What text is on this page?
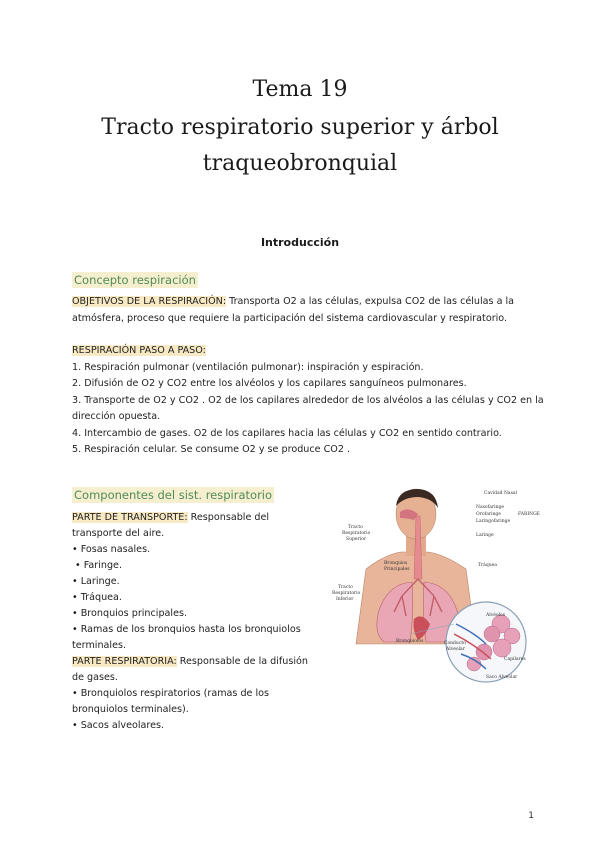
Tema 19
Tracto respiratorio superior y árbol
traqueobronquial
Introducción
Concepto respiración
OBJETIVOS DE LA RESPIRACIÓN: Transporta O2 a las células, expulsa CO2 de las células a la
atmósfera, proceso que requiere la participación del sistema cardiovascular y respiratorio.
RESPIRACIÓN PASO A PASO:
1. Respiración pulmonar (ventilación pulmonar): inspiración y espiración.
2. Difusión de O2 y CO2 entre los alvéolos y los capilares sanguíneos pulmonares.
3. Transporte de O2 y CO2 . O2 de los capilares alrededor de los alvéolos a las células y CO2 en la
dirección opuesta.
4. Intercambio de gases. O2 de los capilares hacia las células y CO2 en sentido contrario.
5. Respiración celular. Se consume O2 y se produce CO2 .
Componentes del sist. respiratorio
PARTE DE TRANSPORTE: Responsable del
transporte del aire.
• Fosas nasales.
• Faringe.
• Laringe.
• Tráquea.
• Bronquios principales.
• Ramas de los bronquios hasta los bronquiolos
terminales.
PARTE RESPIRATORIA: Responsable de la difusión
de gases.
• Bronquiolos respiratorios (ramas de los
bronquiolos terminales).
• Sacos alveolares.
Cavidad Nasal
Nasofaringe
Orofaringe
Laringofaringe
FARINGE
Laringe
Tráquea
Tracto
Respiratorio
Superior
Bronquios
Principales
Tracto
Respiratorio
Inferior
Bronquiolos
Alvéolos
Conducto
Alveolar
Capilares
Saco Alveolar
1
